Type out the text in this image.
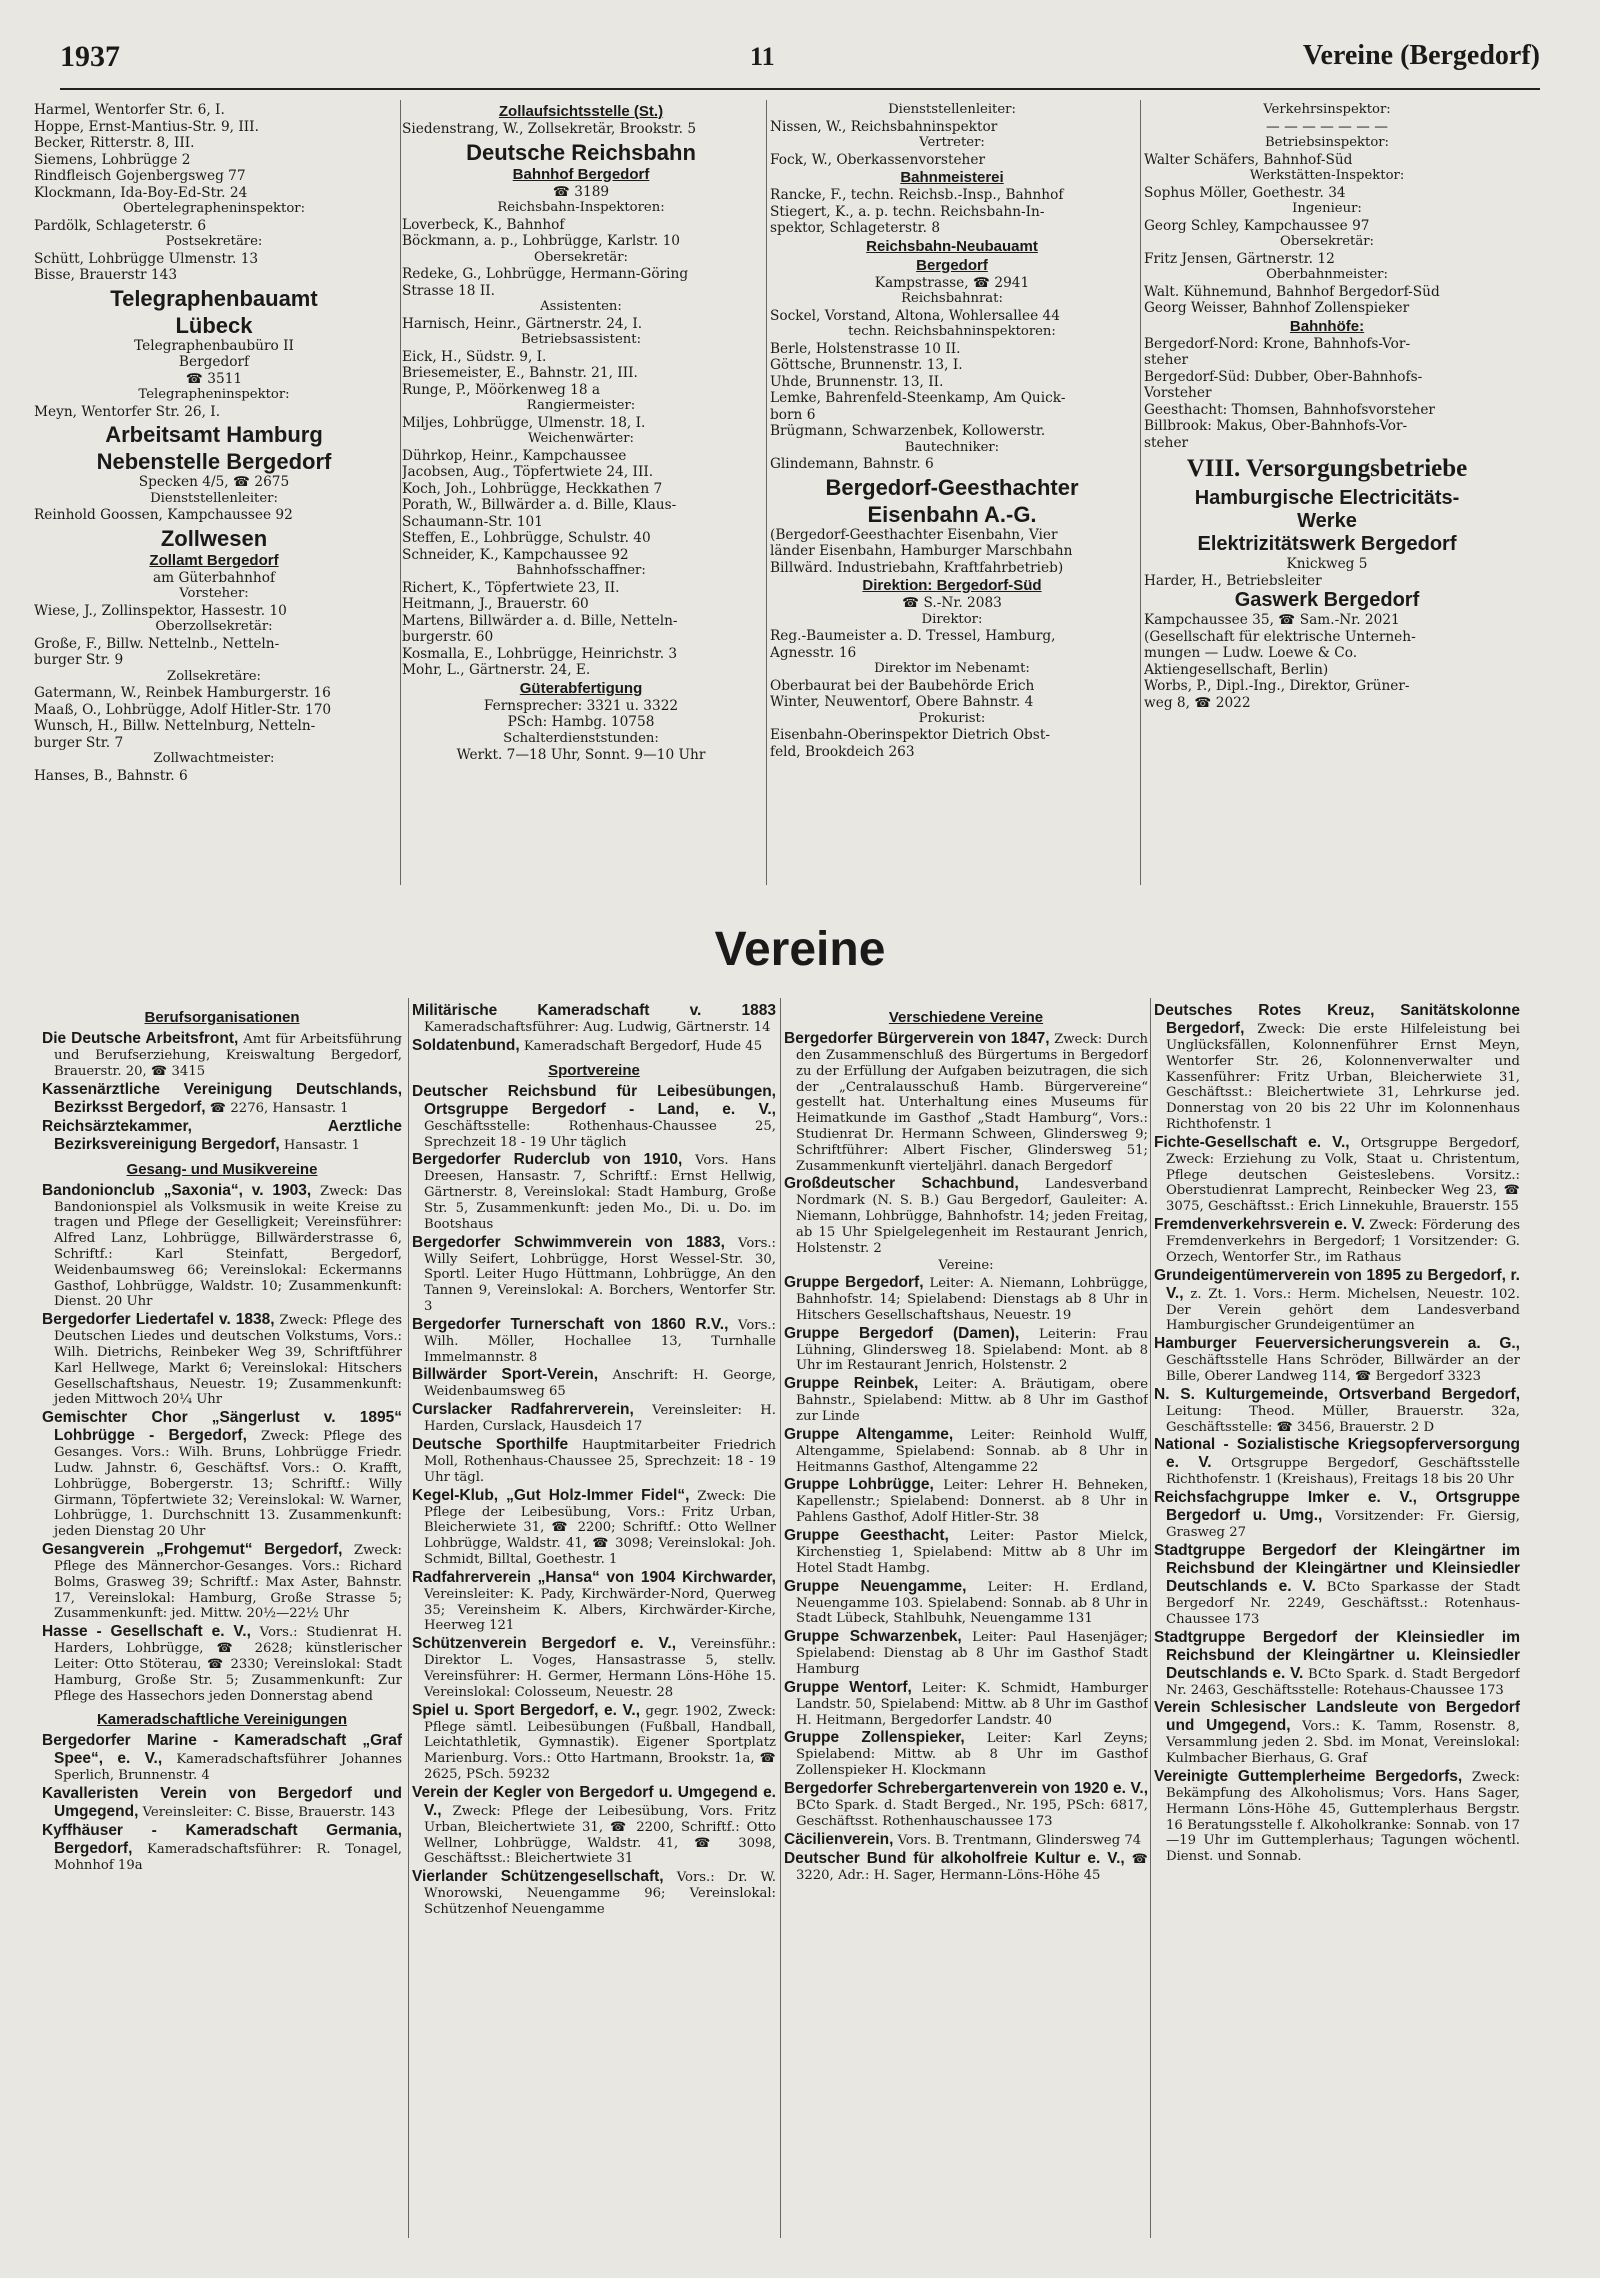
1937	11	Vereine (Bergedorf)
Harmel, Wentorfer Str. 6, I.
Hoppe, Ernst-Mantius-Str. 9, III.
Becker, Ritterstr. 8, III.
Siemens, Lohbrügge 2
Rindfleisch Gojenbergsweg 77
Klockmann, Ida-Boy-Ed-Str. 24
Obertelegrapheninspektor:
Pardölk, Schlageterstr. 6
Postsekretäre:
Schütt, Lohbrügge Ulmenstr. 13
Bisse, Brauerstr 143
Telegraphenbauamt
Lübeck
Telegraphenbaubüro II
Bergedorf
☎ 3511
Telegrapheninspektor:
Meyn, Wentorfer Str. 26, I.
Arbeitsamt Hamburg
Nebenstelle Bergedorf
Specken 4/5, ☎ 2675
Dienststellenleiter:
Reinhold Goossen, Kampchaussee 92
Zollwesen
Zollamt Bergedorf
am Güterbahnhof
Vorsteher:
Wiese, J., Zollinspektor, Hassestr. 10
Oberzollsekretär:
Große, F., Billw. Nettelnb., Netteln-
burger Str. 9
Zollsekretäre:
Gatermann, W., Reinbek Hamburgerstr. 16
Maaß, O., Lohbrügge, Adolf Hitler-Str. 170
Wunsch, H., Billw. Nettelnburg, Netteln-
burger Str. 7
Zollwachtmeister:
Hanses, B., Bahnstr. 6
Zollaufsichtsstelle (St.)
Siedenstrang, W., Zollsekretär, Brookstr. 5
Deutsche Reichsbahn
Bahnhof Bergedorf
☎ 3189
Reichsbahn-Inspektoren:
Loverbeck, K., Bahnhof
Böckmann, a. p., Lohbrügge, Karlstr. 10
Obersekretär:
Redeke, G., Lohbrügge, Hermann-Göring
Strasse 18 II.
Assistenten:
Harnisch, Heinr., Gärtnerstr. 24, I.
Betriebsassistent:
Eick, H., Südstr. 9, I.
Briesemeister, E., Bahnstr. 21, III.
Runge, P., Möörkenweg 18 a
Rangiermeister:
Miljes, Lohbrügge, Ulmenstr. 18, I.
Weichenwärter:
Dührkop, Heinr., Kampchaussee
Jacobsen, Aug., Töpfertwiete 24, III.
Koch, Joh., Lohbrügge, Heckkathen 7
Porath, W., Billwärder a. d. Bille, Klaus-
Schaumann-Str. 101
Steffen, E., Lohbrügge, Schulstr. 40
Schneider, K., Kampchaussee 92
Bahnhofsschaffner:
Richert, K., Töpfertwiete 23, II.
Heitmann, J., Brauerstr. 60
Martens, Billwärder a. d. Bille, Netteln-
burgerstr. 60
Kosmalla, E., Lohbrügge, Heinrichstr. 3
Mohr, L., Gärtnerstr. 24, E.
Güterabfertigung
Fernsprecher: 3321 u. 3322
PSch: Hambg. 10758
Schalterdienststunden:
Werkt. 7—18 Uhr, Sonnt. 9—10 Uhr
Dienststellenleiter:
Nissen, W., Reichsbahninspektor
Vertreter:
Fock, W., Oberkassenvorsteher
Bahnmeisterei
Rancke, F., techn. Reichsb.-Insp., Bahnhof
Stiegert, K., a. p. techn. Reichsbahn-In-
spektor, Schlageterstr. 8
Reichsbahn-Neubauamt
Bergedorf
Kampstrasse, ☎ 2941
Reichsbahnrat:
Sockel, Vorstand, Altona, Wohlersallee 44
techn. Reichsbahninspektoren:
Berle, Holstenstrasse 10 II.
Göttsche, Brunnenstr. 13, I.
Uhde, Brunnenstr. 13, II.
Lemke, Bahrenfeld-Steenkamp, Am Quick-
born 6
Brügmann, Schwarzenbek, Kollowerstr.
Bautechniker:
Glindemann, Bahnstr. 6
Bergedorf-Geesthachter
Eisenbahn A.-G.
(Bergedorf-Geesthachter Eisenbahn, Vier
länder Eisenbahn, Hamburger Marschbahn
Billwärd. Industriebahn, Kraftfahrbetrieb)
Direktion: Bergedorf-Süd
☎ S.-Nr. 2083
Direktor:
Reg.-Baumeister a. D. Tressel, Hamburg,
Agnesstr. 16
Direktor im Nebenamt:
Oberbaurat bei der Baubehörde Erich
Winter, Neuwentorf, Obere Bahnstr. 4
Prokurist:
Eisenbahn-Oberinspektor Dietrich Obst-
feld, Brookdeich 263
Verkehrsinspektor:
— — — — — — —
Betriebsinspektor:
Walter Schäfers, Bahnhof-Süd
Werkstätten-Inspektor:
Sophus Möller, Goethestr. 34
Ingenieur:
Georg Schley, Kampchaussee 97
Obersekretär:
Fritz Jensen, Gärtnerstr. 12
Oberbahnmeister:
Walt. Kühnemund, Bahnhof Bergedorf-Süd
Georg Weisser, Bahnhof Zollenspieker
Bahnhöfe:
Bergedorf-Nord: Krone, Bahnhofs-Vor-
steher
Bergedorf-Süd: Dubber, Ober-Bahnhofs-
Vorsteher
Geesthacht: Thomsen, Bahnhofsvorsteher
Billbrook: Makus, Ober-Bahnhofs-Vor-
steher
VIII. Versorgungsbetriebe
Hamburgische Electricitäts-
Werke
Elektrizitätswerk Bergedorf
Knickweg 5
Harder, H., Betriebsleiter
Gaswerk Bergedorf
Kampchaussee 35, ☎ Sam.-Nr. 2021
(Gesellschaft für elektrische Unterneh-
mungen — Ludw. Loewe & Co.
Aktiengesellschaft, Berlin)
Worbs, P., Dipl.-Ing., Direktor, Grüner-
weg 8, ☎ 2022
Vereine
Berufsorganisationen
Die Deutsche Arbeitsfront, Amt für Arbeitsführung und Berufserziehung, Kreiswaltung Bergedorf, Brauerstr. 20, ☎ 3415
Kassenärztliche Vereinigung Deutschlands, Bezirksst Bergedorf, ☎ 2276, Hansastr. 1
Reichsärztekammer, Aerztliche Bezirksvereinigung Bergedorf, Hansastr. 1
Gesang- und Musikvereine
Bandonionclub „Saxonia“, v. 1903, Zweck: Das Bandonionspiel als Volksmusik in weite Kreise zu tragen und Pflege der Geselligkeit; Vereinsführer: Alfred Lanz, Lohbrügge, Billwärderstrasse 6, Schriftf.: Karl Steinfatt, Bergedorf, Weidenbaumsweg 66; Vereinslokal: Eckermanns Gasthof, Lohbrügge, Waldstr. 10; Zusammenkunft: Dienst. 20 Uhr
Bergedorfer Liedertafel v. 1838, Zweck: Pflege des Deutschen Liedes und deutschen Volkstums, Vors.: Wilh. Dietrichs, Reinbeker Weg 39, Schriftführer Karl Hellwege, Markt 6; Vereinslokal: Hitschers Gesellschaftshaus, Neuestr. 19; Zusammenkunft: jeden Mittwoch 20¼ Uhr
Gemischter Chor „Sängerlust v. 1895“ Lohbrügge - Bergedorf, Zweck: Pflege des Gesanges. Vors.: Wilh. Bruns, Lohbrügge Friedr. Ludw. Jahnstr. 6, Geschäftsf. Vors.: O. Krafft, Lohbrügge, Bobergerstr. 13; Schriftf.: Willy Girmann, Töpfertwiete 32; Vereinslokal: W. Warner, Lohbrügge, 1. Durchschnitt 13. Zusammenkunft: jeden Dienstag 20 Uhr
Gesangverein „Frohgemut“ Bergedorf, Zweck: Pflege des Männerchor-Gesanges. Vors.: Richard Bolms, Grasweg 39; Schriftf.: Max Aster, Bahnstr. 17, Vereinslokal: Hamburg, Große Strasse 5; Zusammenkunft: jed. Mittw. 20½—22½ Uhr
Hasse - Gesellschaft e. V., Vors.: Studienrat H. Harders, Lohbrügge, ☎ 2628; künstlerischer Leiter: Otto Stöterau, ☎ 2330; Vereinslokal: Stadt Hamburg, Große Str. 5; Zusammenkunft: Zur Pflege des Hassechors jeden Donnerstag abend
Kameradschaftliche Vereinigungen
Bergedorfer Marine - Kameradschaft „Graf Spee“, e. V., Kameradschaftsführer Johannes Sperlich, Brunnenstr. 4
Kavalleristen Verein von Bergedorf und Umgegend, Vereinsleiter: C. Bisse, Brauerstr. 143
Kyffhäuser - Kameradschaft Germania, Bergedorf, Kameradschaftsführer: R. Tonagel, Mohnhof 19a
Militärische Kameradschaft v. 1883 Kameradschaftsführer: Aug. Ludwig, Gärtnerstr. 14
Soldatenbund, Kameradschaft Bergedorf, Hude 45
Sportvereine
Deutscher Reichsbund für Leibesübungen, Ortsgruppe Bergedorf - Land, e. V., Geschäftsstelle: Rothenhaus-Chaussee 25, Sprechzeit 18 - 19 Uhr täglich
Bergedorfer Ruderclub von 1910, Vors. Hans Dreesen, Hansastr. 7, Schriftf.: Ernst Hellwig, Gärtnerstr. 8, Vereinslokal: Stadt Hamburg, Große Str. 5, Zusammenkunft: jeden Mo., Di. u. Do. im Bootshaus
Bergedorfer Schwimmverein von 1883, Vors.: Willy Seifert, Lohbrügge, Horst Wessel-Str. 30, Sportl. Leiter Hugo Hüttmann, Lohbrügge, An den Tannen 9, Vereinslokal: A. Borchers, Wentorfer Str. 3
Bergedorfer Turnerschaft von 1860 R.V., Vors.: Wilh. Möller, Hochallee 13, Turnhalle Immelmannstr. 8
Billwärder Sport-Verein, Anschrift: H. George, Weidenbaumsweg 65
Curslacker Radfahrerverein, Vereinsleiter: H. Harden, Curslack, Hausdeich 17
Deutsche Sporthilfe Hauptmitarbeiter Friedrich Moll, Rothenhaus-Chaussee 25, Sprechzeit: 18 - 19 Uhr tägl.
Kegel-Klub, „Gut Holz-Immer Fidel“, Zweck: Die Pflege der Leibesübung, Vors.: Fritz Urban, Bleicherwiete 31, ☎ 2200; Schriftf.: Otto Wellner Lohbrügge, Waldstr. 41, ☎ 3098; Vereinslokal: Joh. Schmidt, Billtal, Goethestr. 1
Radfahrerverein „Hansa“ von 1904 Kirchwarder, Vereinsleiter: K. Pady, Kirchwärder-Nord, Querweg 35; Vereinsheim K. Albers, Kirchwärder-Kirche, Heerweg 121
Schützenverein Bergedorf e. V., Vereinsführ.: Direktor L. Voges, Hansastrasse 5, stellv. Vereinsführer: H. Germer, Hermann Löns-Höhe 15. Vereinslokal: Colosseum, Neuestr. 28
Spiel u. Sport Bergedorf, e. V., gegr. 1902, Zweck: Pflege sämtl. Leibesübungen (Fußball, Handball, Leichtathletik, Gymnastik). Eigener Sportplatz Marienburg. Vors.: Otto Hartmann, Brookstr. 1a, ☎ 2625, PSch. 59232
Verein der Kegler von Bergedorf u. Umgegend e. V., Zweck: Pflege der Leibesübung, Vors. Fritz Urban, Bleichertwiete 31, ☎ 2200, Schriftf.: Otto Wellner, Lohbrügge, Waldstr. 41, ☎ 3098, Geschäftsst.: Bleichertwiete 31
Vierlander Schützengesellschaft, Vors.: Dr. W. Wnorowski, Neuengamme 96; Vereinslokal: Schützenhof Neuengamme
Verschiedene Vereine
Bergedorfer Bürgerverein von 1847, Zweck: Durch den Zusammenschluß des Bürgertums in Bergedorf zu der Erfüllung der Aufgaben beizutragen, die sich der „Centralausschuß Hamb. Bürgervereine“ gestellt hat. Unterhaltung eines Museums für Heimatkunde im Gasthof „Stadt Hamburg“, Vors.: Studienrat Dr. Hermann Schween, Glindersweg 9; Schriftführer: Albert Fischer, Glindersweg 51; Zusammenkunft vierteljährl. danach Bergedorf
Großdeutscher Schachbund, Landesverband Nordmark (N. S. B.) Gau Bergedorf, Gauleiter: A. Niemann, Lohbrügge, Bahnhofstr. 14; jeden Freitag, ab 15 Uhr Spielgelegenheit im Restaurant Jenrich, Holstenstr. 2
Vereine:
Gruppe Bergedorf, Leiter: A. Niemann, Lohbrügge, Bahnhofstr. 14; Spielabend: Dienstags ab 8 Uhr in Hitschers Gesellschaftshaus, Neuestr. 19
Gruppe Bergedorf (Damen), Leiterin: Frau Lühning, Glindersweg 18. Spielabend: Mont. ab 8 Uhr im Restaurant Jenrich, Holstenstr. 2
Gruppe Reinbek, Leiter: A. Bräutigam, obere Bahnstr., Spielabend: Mittw. ab 8 Uhr im Gasthof zur Linde
Gruppe Altengamme, Leiter: Reinhold Wulff, Altengamme, Spielabend: Sonnab. ab 8 Uhr in Heitmanns Gasthof, Altengamme 22
Gruppe Lohbrügge, Leiter: Lehrer H. Behneken, Kapellenstr.; Spielabend: Donnerst. ab 8 Uhr in Pahlens Gasthof, Adolf Hitler-Str. 38
Gruppe Geesthacht, Leiter: Pastor Mielck, Kirchenstieg 1, Spielabend: Mittw ab 8 Uhr im Hotel Stadt Hambg.
Gruppe Neuengamme, Leiter: H. Erdland, Neuengamme 103. Spielabend: Sonnab. ab 8 Uhr in Stadt Lübeck, Stahlbuhk, Neuengamme 131
Gruppe Schwarzenbek, Leiter: Paul Hasenjäger; Spielabend: Dienstag ab 8 Uhr im Gasthof Stadt Hamburg
Gruppe Wentorf, Leiter: K. Schmidt, Hamburger Landstr. 50, Spielabend: Mittw. ab 8 Uhr im Gasthof H. Heitmann, Bergedorfer Landstr. 40
Gruppe Zollenspieker, Leiter: Karl Zeyns; Spielabend: Mittw. ab 8 Uhr im Gasthof Zollenspieker H. Klockmann
Bergedorfer Schrebergartenverein von 1920 e. V., BCto Spark. d. Stadt Berged., Nr. 195, PSch: 6817, Geschäftsst. Rothenhauschaussee 173
Cäcilienverein, Vors. B. Trentmann, Glindersweg 74
Deutscher Bund für alkoholfreie Kultur e. V., ☎ 3220, Adr.: H. Sager, Hermann-Löns-Höhe 45
Deutsches Rotes Kreuz, Sanitätskolonne Bergedorf, Zweck: Die erste Hilfeleistung bei Unglücksfällen, Kolonnenführer Ernst Meyn, Wentorfer Str. 26, Kolonnenverwalter und Kassenführer: Fritz Urban, Bleicherwiete 31, Geschäftsst.: Bleichertwiete 31, Lehrkurse jed. Donnerstag von 20 bis 22 Uhr im Kolonnenhaus Richthofenstr. 1
Fichte-Gesellschaft e. V., Ortsgruppe Bergedorf, Zweck: Erziehung zu Volk, Staat u. Christentum, Pflege deutschen Geisteslebens. Vorsitz.: Oberstudienrat Lamprecht, Reinbecker Weg 23, ☎ 3075, Geschäftsst.: Erich Linnekuhle, Brauerstr. 155
Fremdenverkehrsverein e. V. Zweck: Förderung des Fremdenverkehrs in Bergedorf; 1 Vorsitzender: G. Orzech, Wentorfer Str., im Rathaus
Grundeigentümerverein von 1895 zu Bergedorf, r. V., z. Zt. 1. Vors.: Herm. Michelsen, Neuestr. 102. Der Verein gehört dem Landesverband Hamburgischer Grundeigentümer an
Hamburger Feuerversicherungsverein a. G., Geschäftsstelle Hans Schröder, Billwärder an der Bille, Oberer Landweg 114, ☎ Bergedorf 3323
N. S. Kulturgemeinde, Ortsverband Bergedorf, Leitung: Theod. Müller, Brauerstr. 32a, Geschäftsstelle: ☎ 3456, Brauerstr. 2 D
National - Sozialistische Kriegsopferversorgung e. V. Ortsgruppe Bergedorf, Geschäftsstelle Richthofenstr. 1 (Kreishaus), Freitags 18 bis 20 Uhr
Reichsfachgruppe Imker e. V., Ortsgruppe Bergedorf u. Umg., Vorsitzender: Fr. Giersig, Grasweg 27
Stadtgruppe Bergedorf der Kleingärtner im Reichsbund der Kleingärtner und Kleinsiedler Deutschlands e. V. BCto Sparkasse der Stadt Bergedorf Nr. 2249, Geschäftsst.: Rotenhaus-Chaussee 173
Stadtgruppe Bergedorf der Kleinsiedler im Reichsbund der Kleingärtner u. Kleinsiedler Deutschlands e. V. BCto Spark. d. Stadt Bergedorf Nr. 2463, Geschäftsstelle: Rotehaus-Chaussee 173
Verein Schlesischer Landsleute von Bergedorf und Umgegend, Vors.: K. Tamm, Rosenstr. 8, Versammlung jeden 2. Sbd. im Monat, Vereinslokal: Kulmbacher Bierhaus, G. Graf
Vereinigte Guttemplerheime Bergedorfs, Zweck: Bekämpfung des Alkoholismus; Vors. Hans Sager, Hermann Löns-Höhe 45, Guttemplerhaus Bergstr. 16 Beratungsstelle f. Alkoholkranke: Sonnab. von 17—19 Uhr im Guttemplerhaus; Tagungen wöchentl. Dienst. und Sonnab.
